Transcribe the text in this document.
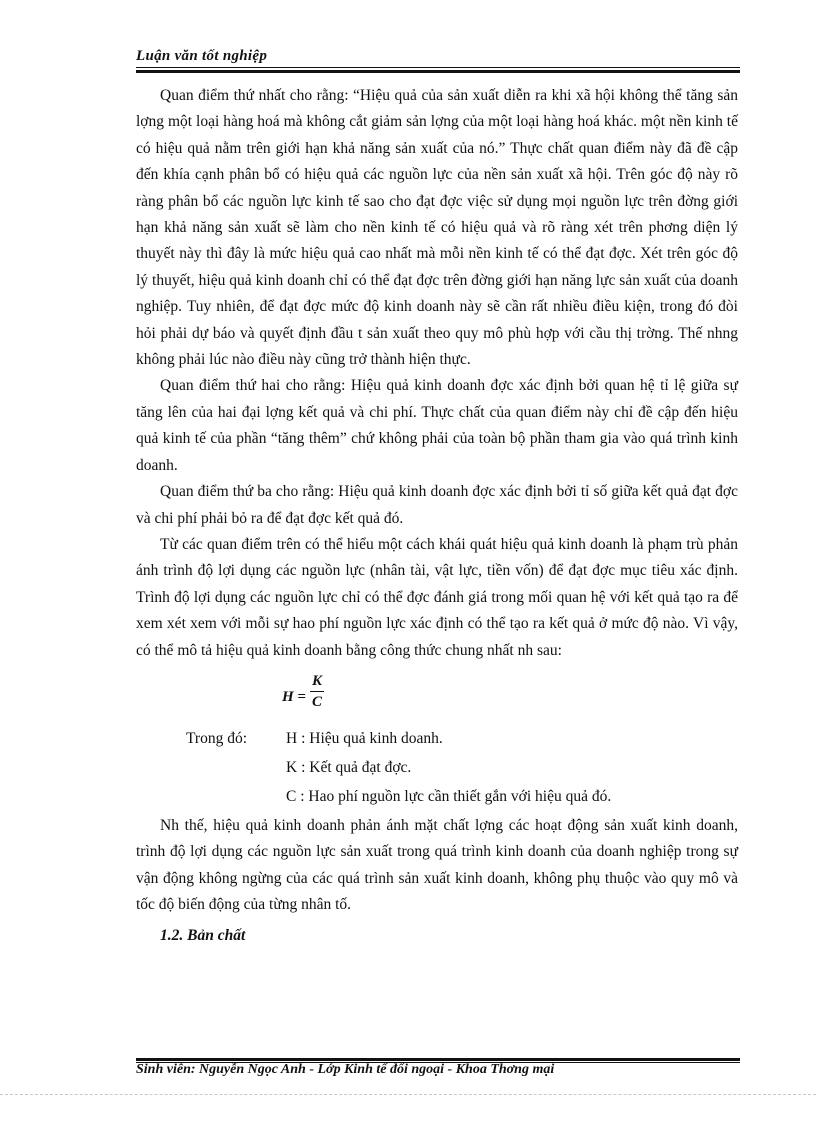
Luận văn tốt nghiệp

Quan điểm thứ nhất cho rằng: “Hiệu quả của sản xuất diễn ra khi xã hội không thể tăng sản lợng một loại hàng hoá mà không cắt giảm sản lợng của một loại hàng hoá khác. một nền kinh tế có hiệu quả nằm trên giới hạn khả năng sản xuất của nó.” Thực chất quan điểm này đã đề cập đến khía cạnh phân bổ có hiệu quả các nguồn lực của nền sản xuất xã hội. Trên góc độ này rõ ràng phân bổ các nguồn lực kinh tế sao cho đạt đợc việc sử dụng mọi nguồn lực trên đờng giới hạn khả năng sản xuất sẽ làm cho nền kinh tế có hiệu quả và rõ ràng xét trên phơng diện lý thuyết này thì đây là mức hiệu quả cao nhất mà mỗi nền kinh tế có thể đạt đợc. Xét trên góc độ lý thuyết, hiệu quả kinh doanh chỉ có thể đạt đợc trên đờng giới hạn năng lực sản xuất của doanh nghiệp. Tuy nhiên, để đạt đợc mức độ kinh doanh này sẽ cần rất nhiều điều kiện, trong đó đòi hỏi phải dự báo và quyết định đầu t sản xuất theo quy mô phù hợp với cầu thị trờng. Thế nhng không phải lúc nào điều này cũng trở thành hiện thực.

Quan điểm thứ hai cho rằng: Hiệu quả kinh doanh đợc xác định bởi quan hệ tỉ lệ giữa sự tăng lên của hai đại lợng kết quả và chi phí. Thực chất của quan điểm này chỉ đề cập đến hiệu quả kinh tế của phần “tăng thêm” chứ không phải của toàn bộ phần tham gia vào quá trình kinh doanh.

Quan điểm thứ ba cho rằng: Hiệu quả kinh doanh đợc xác định bởi tỉ số giữa kết quả đạt đợc và chi phí phải bỏ ra để đạt đợc kết quả đó.

Từ các quan điểm trên có thể hiểu một cách khái quát hiệu quả kinh doanh là phạm trù phản ánh trình độ lợi dụng các nguồn lực (nhân tài, vật lực, tiền vốn) để đạt đợc mục tiêu xác định. Trình độ lợi dụng các nguồn lực chỉ có thể đợc đánh giá trong mối quan hệ với kết quả tạo ra để xem xét xem với mỗi sự hao phí nguồn lực xác định có thể tạo ra kết quả ở mức độ nào. Vì vậy, có thể mô tả hiệu quả kinh doanh bằng công thức chung nhất nh sau:

H =
K
C
Trong đó:	H : Hiệu quả kinh doanh.
K : Kết quả đạt đợc.
C : Hao phí nguồn lực cần thiết gắn với hiệu quả đó.

Nh thế, hiệu quả kinh doanh phản ánh mặt chất lợng các hoạt động sản xuất kinh doanh, trình độ lợi dụng các nguồn lực sản xuất trong quá trình kinh doanh của doanh nghiệp trong sự vận động không ngừng của các quá trình sản xuất kinh doanh, không phụ thuộc vào quy mô và tốc độ biến động của từng nhân tố.

1.2. Bản chất
Sinh viên: Nguyễn Ngọc Anh - Lớp Kinh tế đối ngoại - Khoa Thơng mại
